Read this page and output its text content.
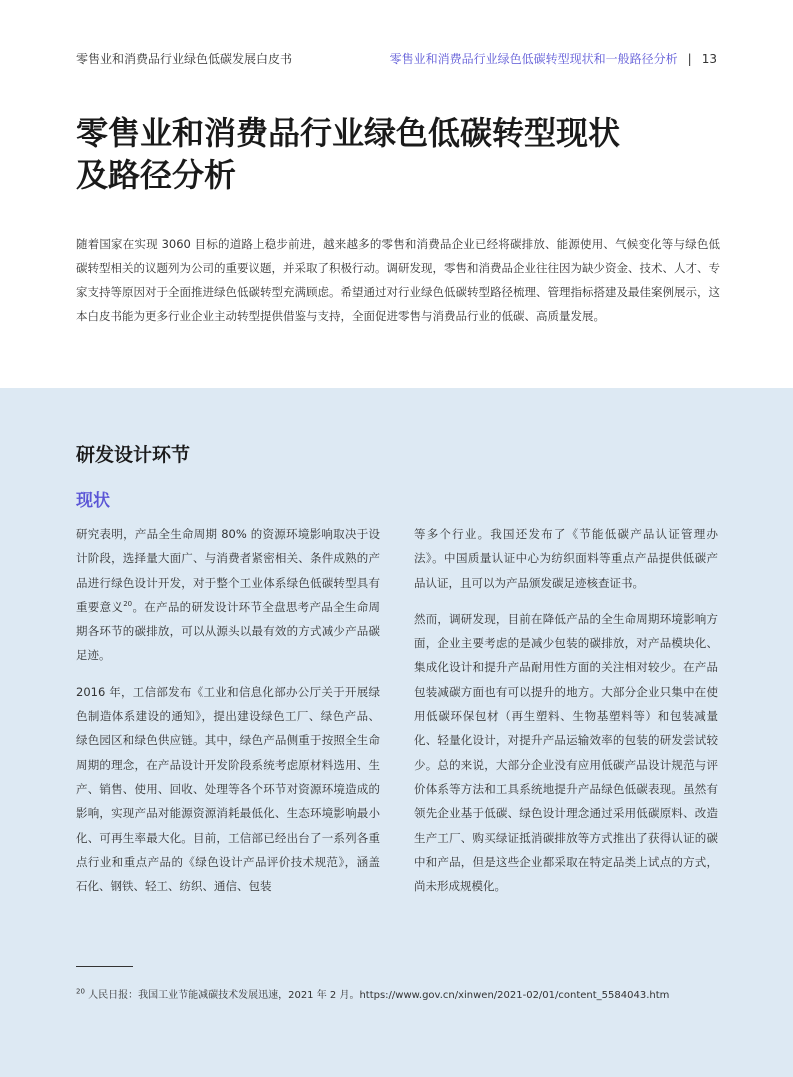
零售业和消费品行业绿色低碳发展白皮书	零售业和消费品行业绿色低碳转型现状和一般路径分析 | 13
零售业和消费品行业绿色低碳转型现状
及路径分析

随着国家在实现 3060 目标的道路上稳步前进，越来越多的零售和消费品企业已经将碳排放、能源使用、气候变化等与绿色低碳转型相关的议题列为公司的重要议题，并采取了积极行动。调研发现，零售和消费品企业往往因为缺少资金、技术、人才、专家支持等原因对于全面推进绿色低碳转型充满顾虑。希望通过对行业绿色低碳转型路径梳理、管理指标搭建及最佳案例展示，这本白皮书能为更多行业企业主动转型提供借鉴与支持，全面促进零售与消费品行业的低碳、高质量发展。

研发设计环节
现状

研究表明，产品全生命周期 80% 的资源环境影响取决于设计阶段，选择量大面广、与消费者紧密相关、条件成熟的产品进行绿色设计开发，对于整个工业体系绿色低碳转型具有重要意义$^{20}$。在产品的研发设计环节全盘思考产品全生命周期各环节的碳排放，可以从源头以最有效的方式减少产品碳足迹。

2016 年，工信部发布《工业和信息化部办公厅关于开展绿色制造体系建设的通知》，提出建设绿色工厂、绿色产品、绿色园区和绿色供应链。其中，绿色产品侧重于按照全生命周期的理念，在产品设计开发阶段系统考虑原材料选用、生产、销售、使用、回收、处理等各个环节对资源环境造成的影响，实现产品对能源资源消耗最低化、生态环境影响最小化、可再生率最大化。目前，工信部已经出台了一系列各重点行业和重点产品的《绿色设计产品评价技术规范》，涵盖石化、钢铁、轻工、纺织、通信、包装

等多个行业。我国还发布了《节能低碳产品认证管理办法》。中国质量认证中心为纺织面料等重点产品提供低碳产品认证，且可以为产品颁发碳足迹核查证书。

然而，调研发现，目前在降低产品的全生命周期环境影响方面，企业主要考虑的是减少包装的碳排放，对产品模块化、集成化设计和提升产品耐用性方面的关注相对较少。在产品包装减碳方面也有可以提升的地方。大部分企业只集中在使用低碳环保包材（再生塑料、生物基塑料等）和包装减量化、轻量化设计，对提升产品运输效率的包装的研发尝试较少。总的来说，大部分企业没有应用低碳产品设计规范与评价体系等方法和工具系统地提升产品绿色低碳表现。虽然有领先企业基于低碳、绿色设计理念通过采用低碳原料、改造生产工厂、购买绿证抵消碳排放等方式推出了获得认证的碳中和产品，但是这些企业都采取在特定品类上试点的方式，尚未形成规模化。

$^{20}$ 人民日报：我国工业节能减碳技术发展迅速，2021 年 2 月。https://www.gov.cn/xinwen/2021-02/01/content_5584043.htm
